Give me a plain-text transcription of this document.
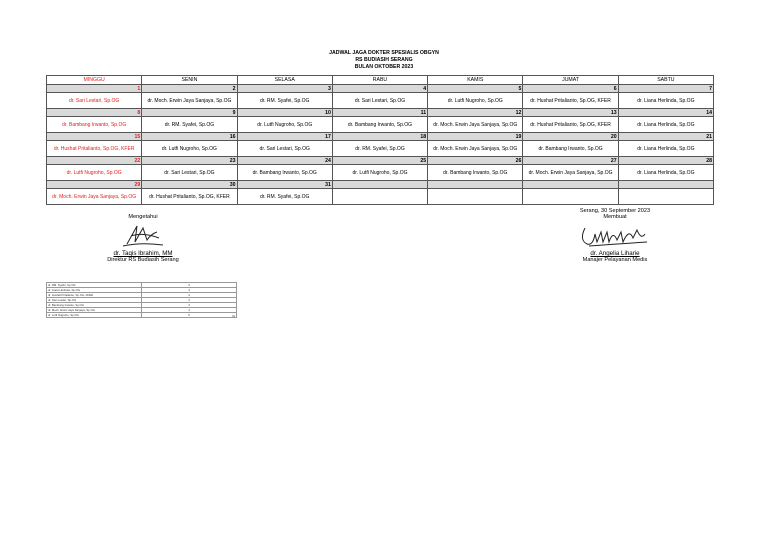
JADWAL JAGA DOKTER SPESIALIS OBGYN
RS BUDIASIH SERANG
BULAN OKTOBER 2023
MINGGU	SENIN	SELASA	RABU	KAMIS	JUMAT	SABTU
1	2	3	4	5	6	7
dr. Sari Lestari, Sp.OG	dr. Moch. Erwin Jaya Sanjaya, Sp.OG	dr. RM. Syafei, Sp.OG	dr. Sari Lestari, Sp.OG	dr. Lutfi Nugroho, Sp.OG	dr. Hushat Pritalianto, Sp.OG, KFER	dr. Liana Herlinda, Sp.OG
8	9	10	11	12	13	14
dr. Bambang Irwanto, Sp.OG	dr. RM. Syafei, Sp.OG	dr. Lutfi Nugroho, Sp.OG	dr. Bambang Irwanto, Sp.OG	dr. Moch. Erwin Jaya Sanjaya, Sp.OG	dr. Hushat Pritalianto, Sp.OG, KFER	dr. Liana Herlinda, Sp.OG
15	16	17	18	19	20	21
dr. Hushat Pritalianto, Sp.OG, KFER	dr. Lutfi Nugroho, Sp.OG	dr. Sari Lestari, Sp.OG	dr. RM. Syafei, Sp.OG	dr. Moch. Erwin Jaya Sanjaya, Sp.OG	dr. Bambang Irwanto, Sp.OG	dr. Liana Herlinda, Sp.OG
22	23	24	25	26	27	28
dr. Lutfi Nugroho, Sp.OG	dr. Sari Lestari, Sp.OG	dr. Bambang Irwanto, Sp.OG	dr. Lutfi Nugroho, Sp.OG	dr. Bambang Irwanto, Sp.OG	dr. Moch. Erwin Jaya Sanjaya, Sp.OG	dr. Liana Herlinda, Sp.OG
29	30	31				
dr. Moch. Erwin Jaya Sanjaya, Sp.OG	dr. Hushat Pritalianto, Sp.OG, KFER	dr. RM. Syafei, Sp.OG				
Mengetahui
dr. Taqis Ibrahim, MM
Direktur RS Budiasih Serang
Serang, 30 September 2023
Membuat
dr. Angelia Liharie
Manajer Pelayanan Medis
dr. RM. Syafei, Sp.OG	4
dr. Liana Herlinda, Sp.OG	4
dr. Hushat Pritalianto, Sp.OG, KFER	4
dr. Sari Lestari, Sp.OG	4
dr. Bambang Irwanto, Sp.OG	4
dr. Moch. Erwin Jaya Sanjaya, Sp.OG	4
dr. Lutfi Nugroho, Sp.OG	5	31
